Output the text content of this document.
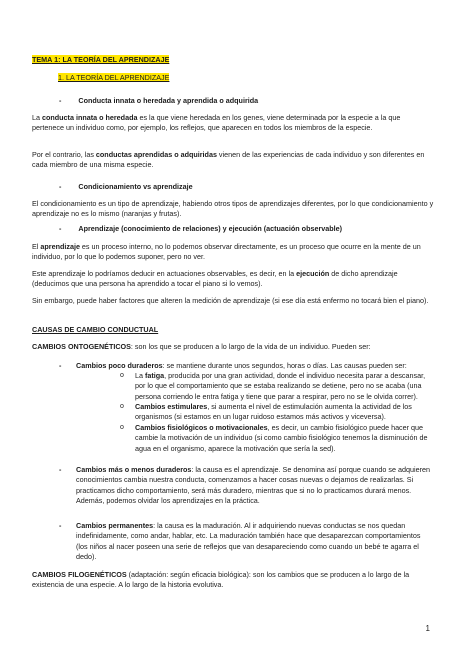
TEMA 1: LA TEORÍA DEL APRENDIZAJE
1. LA TEORÍA DEL APRENDIZAJE
- Conducta innata o heredada y aprendida o adquirida

La conducta innata o heredada es la que viene heredada en los genes, viene determinada por la especie a la que pertenece un individuo como, por ejemplo, los reflejos, que aparecen en todos los miembros de la especie.

Por el contrario, las conductas aprendidas o adquiridas vienen de las experiencias de cada individuo y son diferentes en cada miembro de una misma especie.

- Condicionamiento vs aprendizaje

El condicionamiento es un tipo de aprendizaje, habiendo otros tipos de aprendizajes diferentes, por lo que condicionamiento y aprendizaje no es lo mismo (naranjas y frutas).

- Aprendizaje (conocimiento de relaciones) y ejecución (actuación observable)

El aprendizaje es un proceso interno, no lo podemos observar directamente, es un proceso que ocurre en la mente de un individuo, por lo que lo podemos suponer, pero no ver.

Este aprendizaje lo podríamos deducir en actuaciones observables, es decir, en la ejecución de dicho aprendizaje (deducimos que una persona ha aprendido a tocar el piano si lo vemos).

Sin embargo, puede haber factores que alteren la medición de aprendizaje (si ese día está enfermo no tocará bien el piano).

CAUSAS DE CAMBIO CONDUCTUAL

CAMBIOS ONTOGENÉTICOS: son los que se producen a lo largo de la vida de un individuo. Pueden ser:

- Cambios poco duraderos: se mantiene durante unos segundos, horas o días. Las causas pueden ser:

o La fatiga, producida por una gran actividad, donde el individuo necesita parar a descansar, por lo que el comportamiento que se estaba realizando se detiene, pero no se acaba (una persona corriendo le entra fatiga y tiene que parar a respirar, pero no se le olvida correr).

o Cambios estimulares, si aumenta el nivel de estimulación aumenta la actividad de los organismos (si estamos en un lugar ruidoso estamos más activos y viceversa).

o Cambios fisiológicos o motivacionales, es decir, un cambio fisiológico puede hacer que cambie la motivación de un individuo (si como cambio fisiológico tenemos la disminución de agua en el organismo, aparece la motivación que sería la sed).

- Cambios más o menos duraderos: la causa es el aprendizaje. Se denomina así porque cuando se adquieren conocimientos cambia nuestra conducta, comenzamos a hacer cosas nuevas o dejamos de realizarlas. Si practicamos dicho comportamiento, será más duradero, mientras que si no lo practicamos durará menos. Además, podemos olvidar los aprendizajes en la práctica.

- Cambios permanentes: la causa es la maduración. Al ir adquiriendo nuevas conductas se nos quedan indefinidamente, como andar, hablar, etc. La maduración también hace que desaparezcan comportamientos (los niños al nacer poseen una serie de reflejos que van desapareciendo como cuando un bebé te agarra el dedo).

CAMBIOS FILOGENÉTICOS (adaptación: según eficacia biológica): son los cambios que se producen a lo largo de la existencia de una especie. A lo largo de la historia evolutiva.

1
